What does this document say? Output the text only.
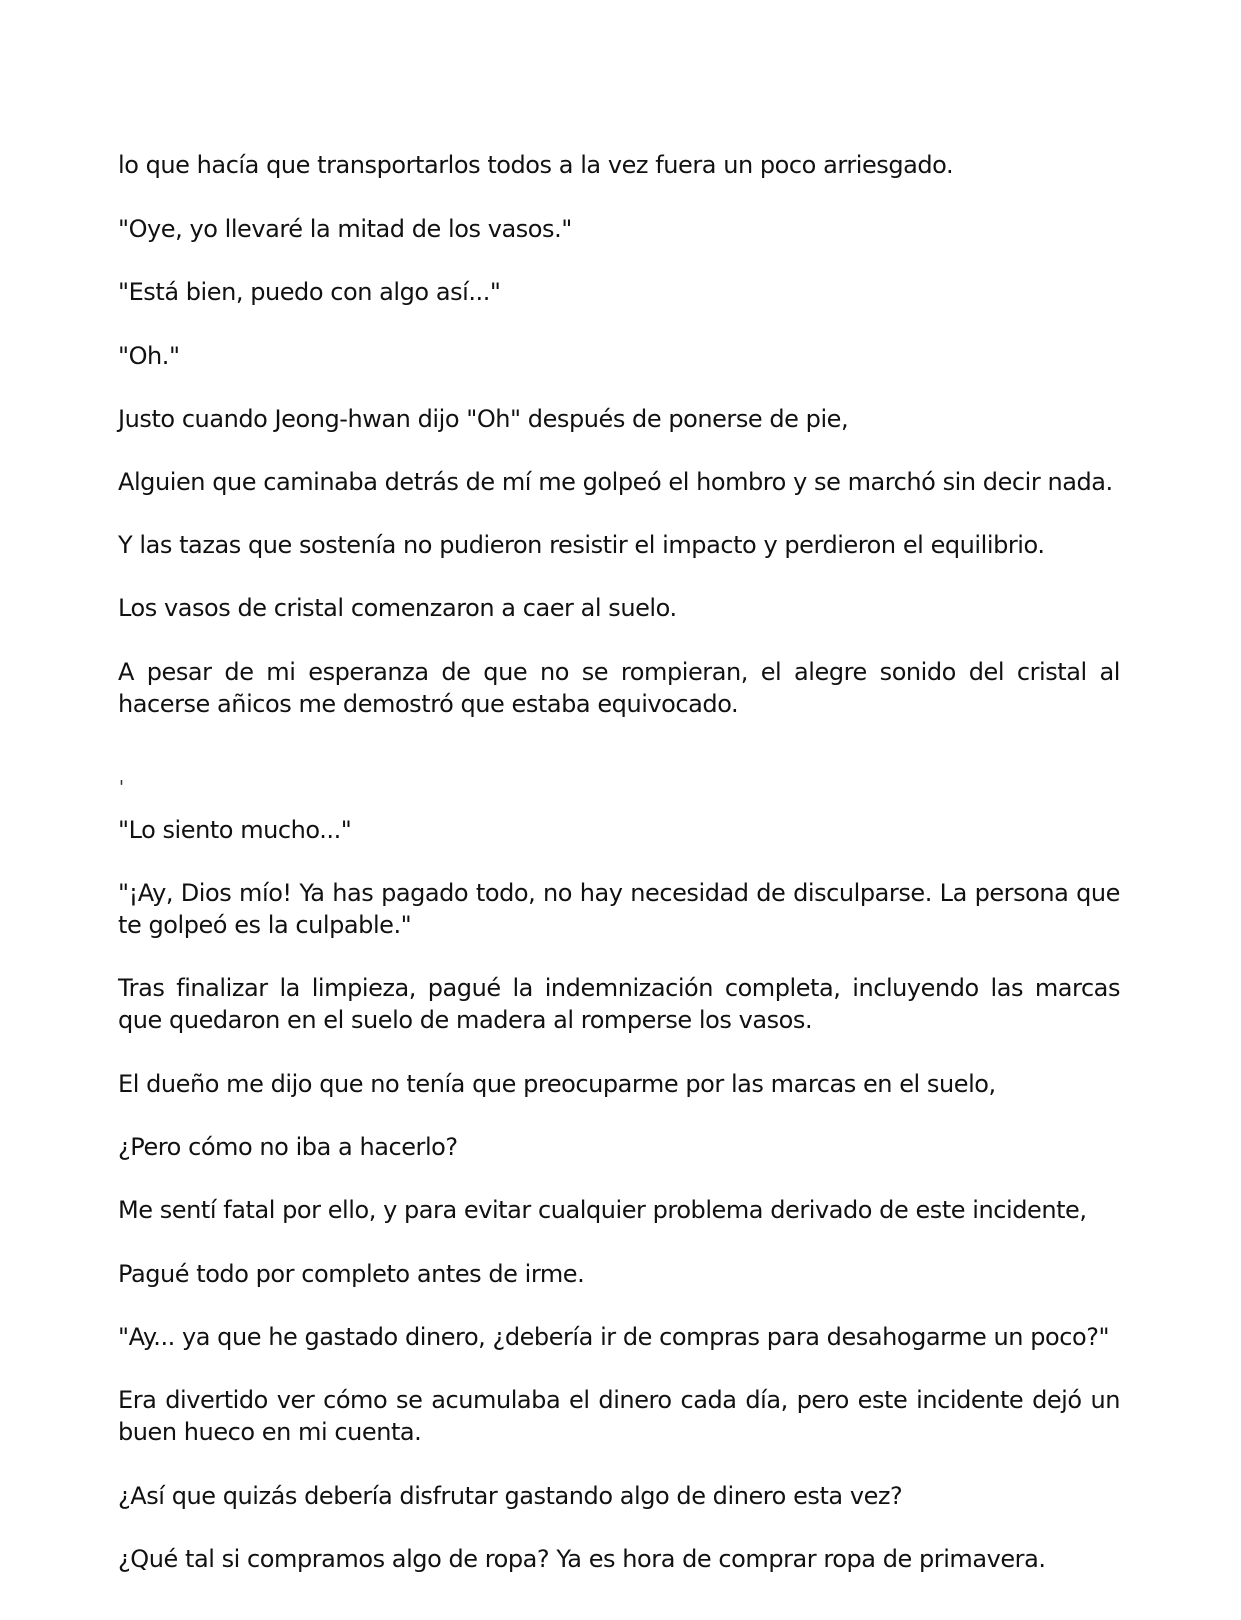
lo que hacía que transportarlos todos a la vez fuera un poco arriesgado.

"Oye, yo llevaré la mitad de los vasos."

"Está bien, puedo con algo así..."

"Oh."

Justo cuando Jeong-hwan dijo "Oh" después de ponerse de pie,

Alguien que caminaba detrás de mí me golpeó el hombro y se marchó sin decir nada.

Y las tazas que sostenía no pudieron resistir el impacto y perdieron el equilibrio.

Los vasos de cristal comenzaron a caer al suelo.

A pesar de mi esperanza de que no se rompieran, el alegre sonido del cristal al hacerse añicos me demostró que estaba equivocado.

'

"Lo siento mucho..."

"¡Ay, Dios mío! Ya has pagado todo, no hay necesidad de disculparse. La persona que te golpeó es la culpable."

Tras finalizar la limpieza, pagué la indemnización completa, incluyendo las marcas que quedaron en el suelo de madera al romperse los vasos.

El dueño me dijo que no tenía que preocuparme por las marcas en el suelo,

¿Pero cómo no iba a hacerlo?

Me sentí fatal por ello, y para evitar cualquier problema derivado de este incidente,

Pagué todo por completo antes de irme.

"Ay... ya que he gastado dinero, ¿debería ir de compras para desahogarme un poco?"

Era divertido ver cómo se acumulaba el dinero cada día, pero este incidente dejó un buen hueco en mi cuenta.

¿Así que quizás debería disfrutar gastando algo de dinero esta vez?

¿Qué tal si compramos algo de ropa? Ya es hora de comprar ropa de primavera.
